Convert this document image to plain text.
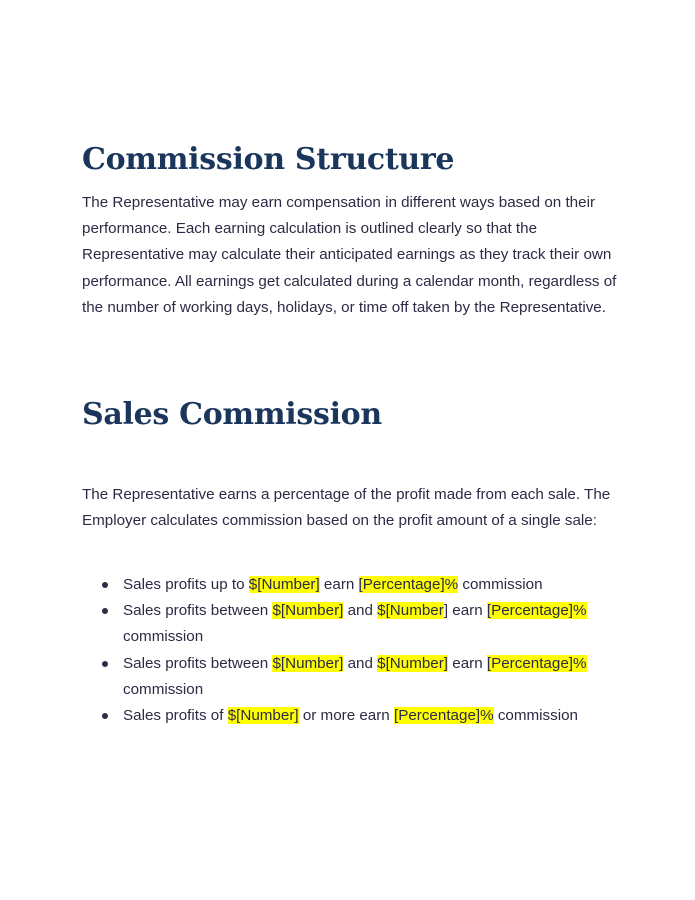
Commission Structure

The Representative may earn compensation in different ways based on their performance. Each earning calculation is outlined clearly so that the Representative may calculate their anticipated earnings as they track their own performance. All earnings get calculated during a calendar month, regardless of the number of working days, holidays, or time off taken by the Representative.

Sales Commission

The Representative earns a percentage of the profit made from each sale. The Employer calculates commission based on the profit amount of a single sale:

Sales profits up to $[Number] earn [Percentage]% commission
Sales profits between $[Number] and $[Number] earn [Percentage]% commission
Sales profits between $[Number] and $[Number] earn [Percentage]% commission
Sales profits of $[Number] or more earn [Percentage]% commission
